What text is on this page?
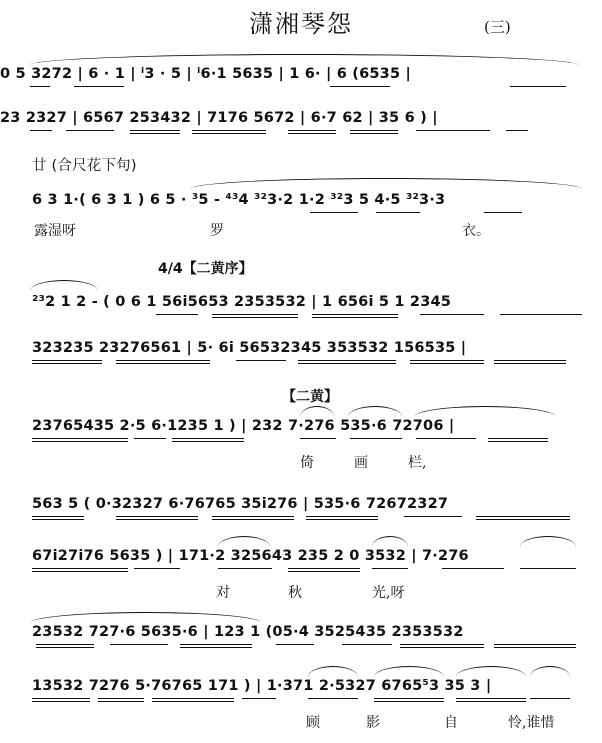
潇湘琴怨	(三)
0 5 3272 | 6 · 1 | ⁱ3 · 5 | ⁱ6·1 5635 | 1 6· | 6 (6535 |
23 2327 | 6567 253432 | 7176 5672 | 6·7 62 | 35 6 ) |
廿 (合尺花下句)
6 3 1·( 6 3 1 ) 6 5 · ³5 - ⁴³4 ³²3·2 1·2 ³²3 5 4·5 ³²3·3
露湿呀	罗	衣。
4/4【二黄序】
²³2 1 2 - ( 0 6 1 56i5653 2353532 | 1 656i 5 1 2345
323235 23276561 | 5· 6i 56532345 353532 156535 |
【二黄】
23765435 2·5 6·1235 1 ) | 232 7·276 535·6 72706 |
倚	画	栏,
563 5 ( 0·32327 6·76765 35i276 | 535·6 72672327
67i27i76 5635 ) | 171·2 325643 235 2 0 3532 | 7·276
对	秋	光,呀
23532 727·6 5635·6 | 123 1 (05·4 3525435 2353532
13532 7276 5·76765 171 ) | 1·371 2·5327 6765⁵3 35 3 |
顾	影	自	怜,谁惜
